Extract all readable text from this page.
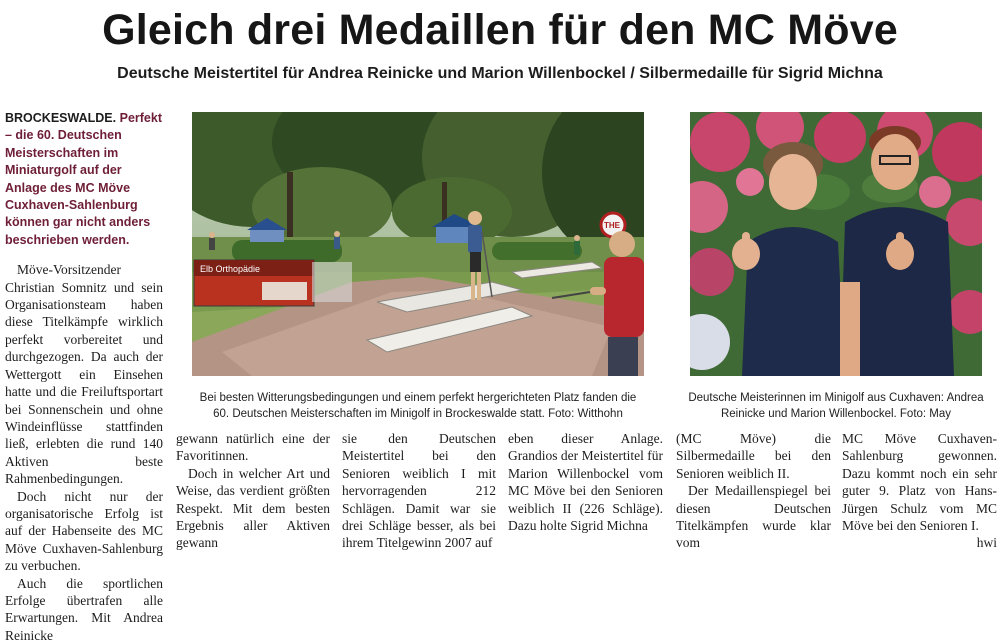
Gleich drei Medaillen für den MC Möve
Deutsche Meistertitel für Andrea Reinicke und Marion Willenbockel / Silbermedaille für Sigrid Michna

BROCKESWALDE. Perfekt – die 60. Deutschen Meisterschaften im Miniaturgolf auf der Anlage des MC Möve Cuxhaven-Sahlenburg können gar nicht anders beschrieben werden.

Möve-Vorsitzender Christian Somnitz und sein Organisationsteam haben diese Titelkämpfe wirklich perfekt vorbereitet und durchgezogen. Da auch der Wettergott ein Einsehen hatte und die Freiluftsportart bei Sonnenschein und ohne Windeinflüsse stattfinden ließ, erlebten die rund 140 Aktiven beste Rahmenbedingungen.

Doch nicht nur der organisatorische Erfolg ist auf der Habenseite des MC Möve Cuxhaven-Sahlenburg zu verbuchen.

Auch die sportlichen Erfolge übertrafen alle Erwartungen. Mit Andrea Reinicke

Elb Orthopädie
THE

Bei besten Witterungsbedingungen und einem perfekt hergerichteten Platz fanden die 60. Deutschen Meisterschaften im Minigolf in Brockeswalde statt. Foto: Witthohn

Deutsche Meisterinnen im Minigolf aus Cuxhaven: Andrea Reinicke und Marion Willenbockel. Foto: May

gewann natürlich eine der Favoritinnen.

Doch in welcher Art und Weise, das verdient größten Respekt. Mit dem besten Ergebnis aller Aktiven gewann

sie den Deutschen Meistertitel bei den Senioren weiblich I mit hervorragenden 212 Schlägen. Damit war sie drei Schläge besser, als bei ihrem Titelgewinn 2007 auf

eben dieser Anlage. Grandios der Meistertitel für Marion Willenbockel vom MC Möve bei den Senioren weiblich II (226 Schläge). Dazu holte Sigrid Michna

(MC Möve) die Silbermedaille bei den Senioren weiblich II.

Der Medaillenspiegel bei diesen Deutschen Titelkämpfen wurde klar vom

MC Möve Cuxhaven-Sahlenburg gewonnen. Dazu kommt noch ein sehr guter 9. Platz von Hans-Jürgen Schulz vom MC Möve bei den Senioren I.

hwi
